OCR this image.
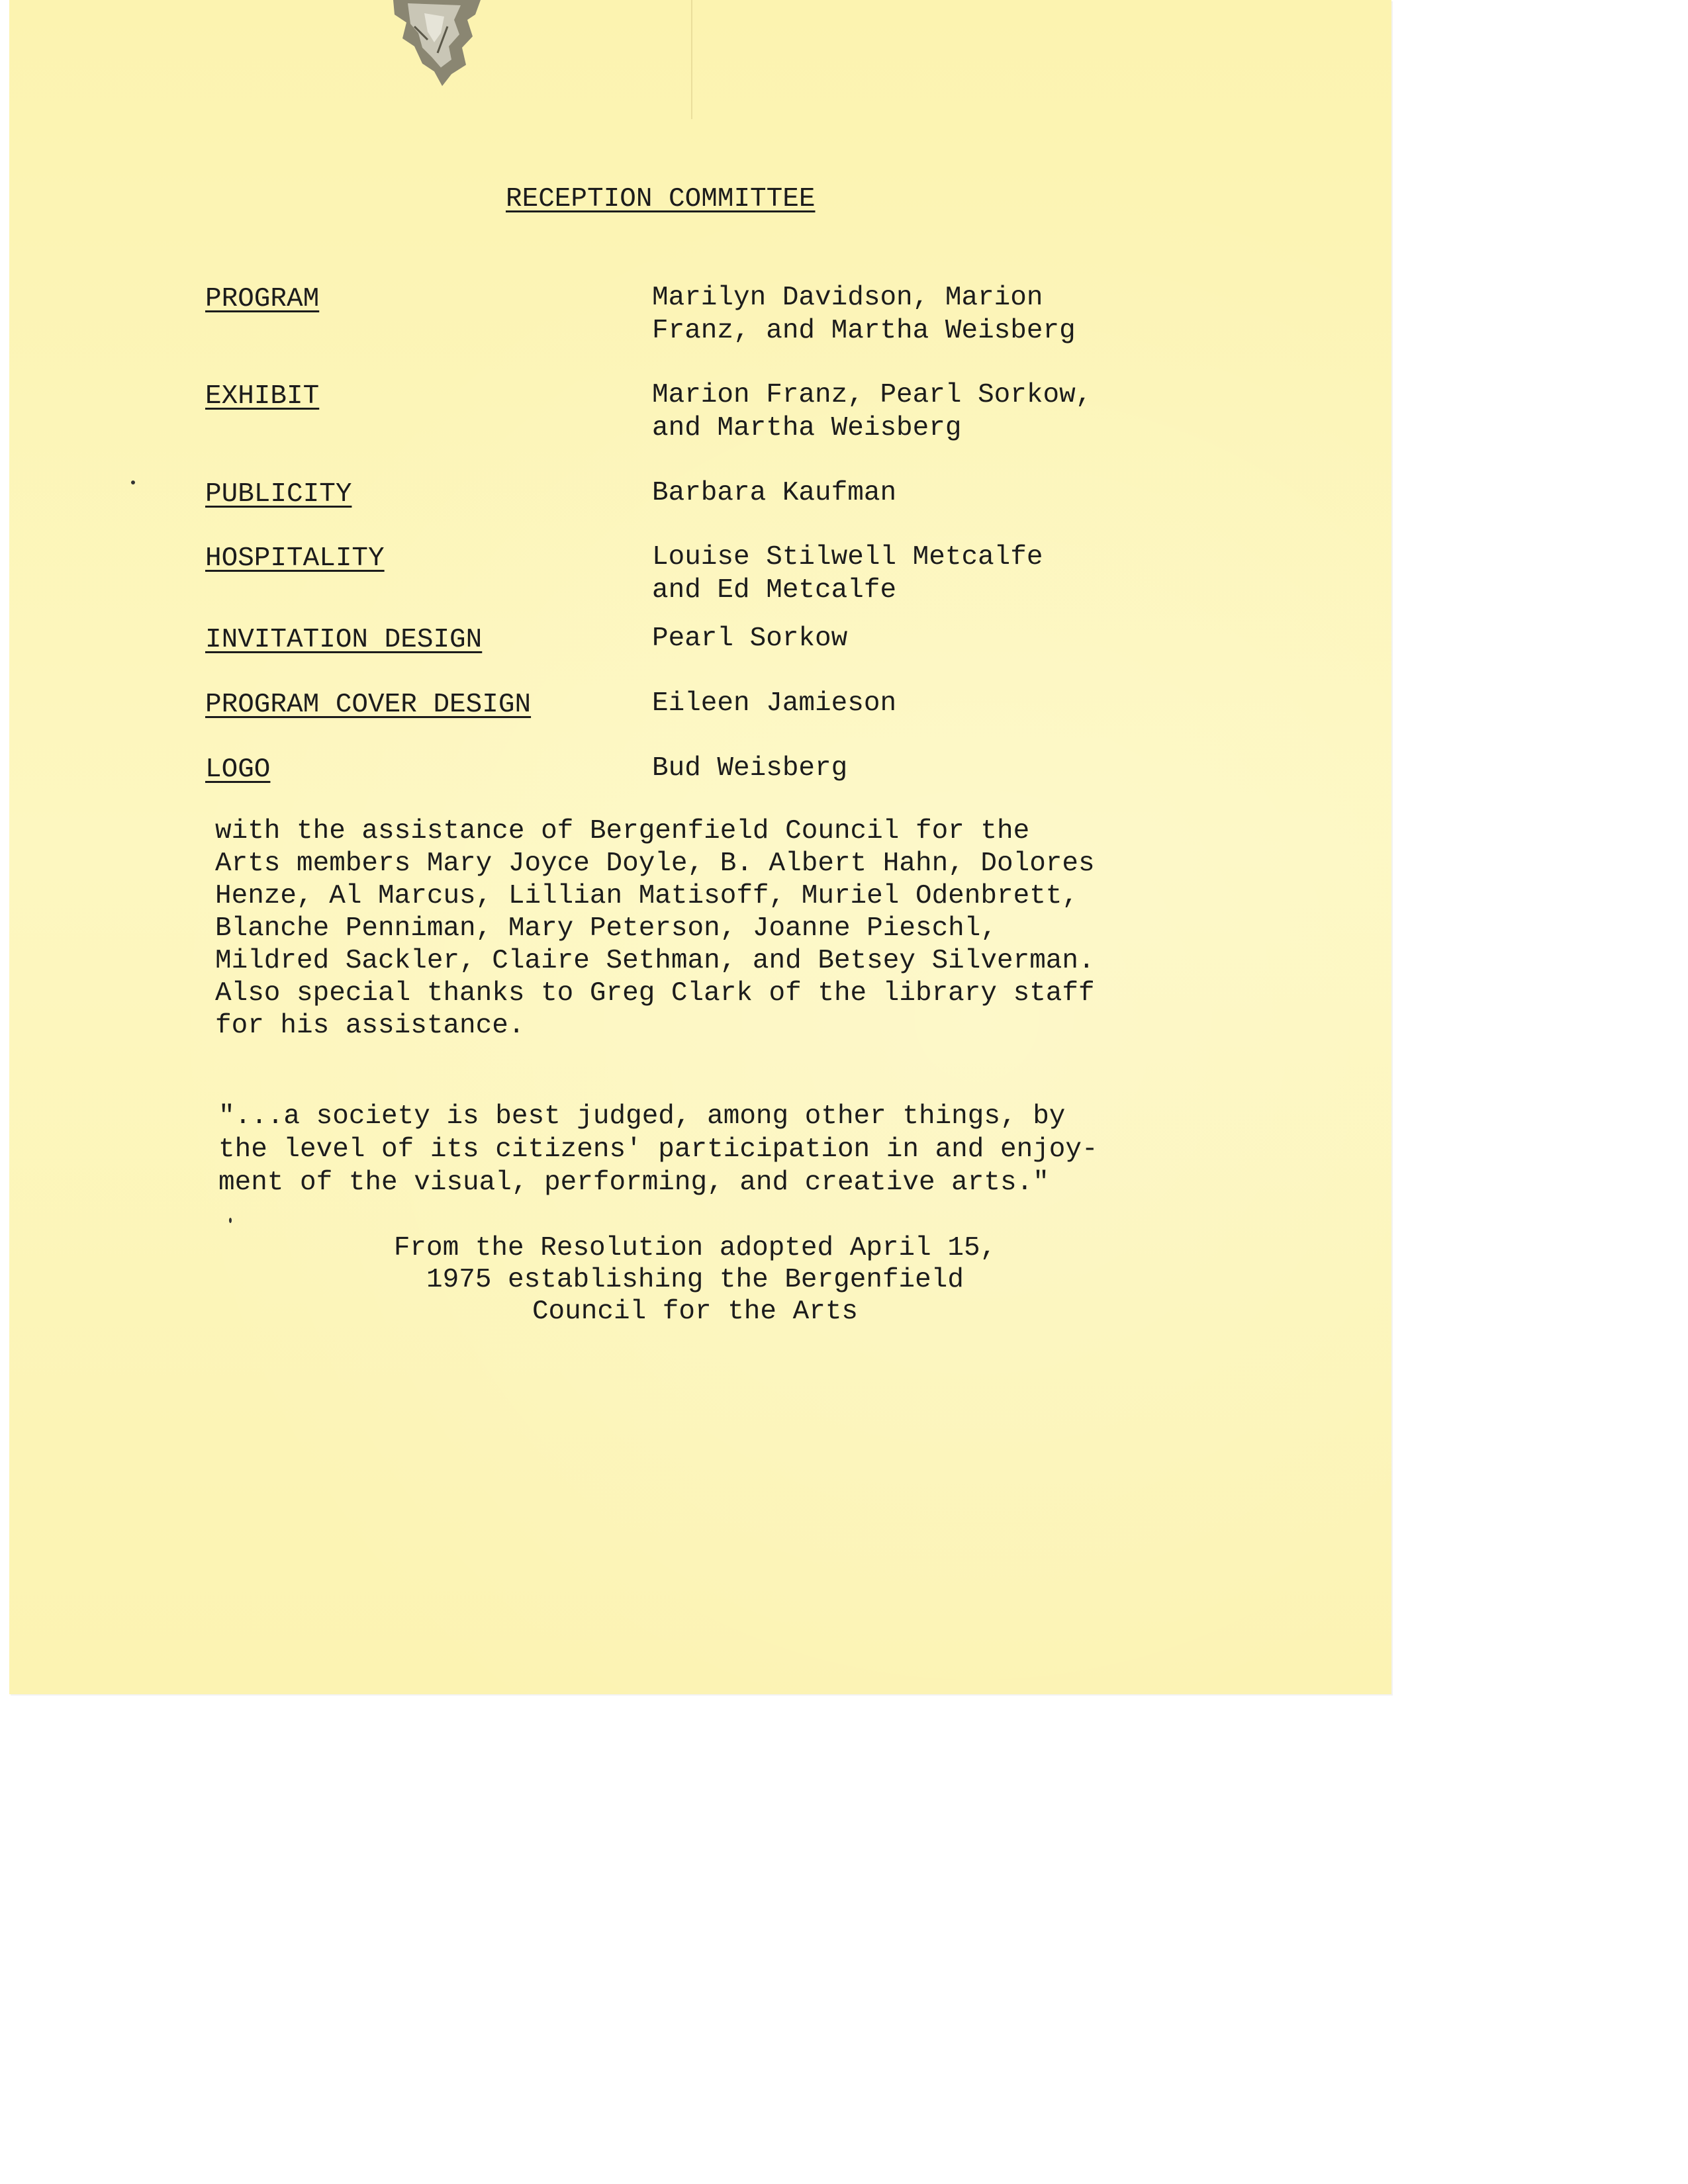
RECEPTION COMMITTEE
PROGRAM	Marilyn Davidson, Marion
Franz, and Martha Weisberg
EXHIBIT	Marion Franz, Pearl Sorkow,
and Martha Weisberg
PUBLICITY	Barbara Kaufman
HOSPITALITY	Louise Stilwell Metcalfe
and Ed Metcalfe
INVITATION DESIGN	Pearl Sorkow
PROGRAM COVER DESIGN	Eileen Jamieson
LOGO	Bud Weisberg
with the assistance of Bergenfield Council for the
Arts members Mary Joyce Doyle, B. Albert Hahn, Dolores
Henze, Al Marcus, Lillian Matisoff, Muriel Odenbrett,
Blanche Penniman, Mary Peterson, Joanne Pieschl,
Mildred Sackler, Claire Sethman, and Betsey Silverman.
Also special thanks to Greg Clark of the library staff
for his assistance.
"...a society is best judged, among other things, by
the level of its citizens' participation in and enjoy-
ment of the visual, performing, and creative arts."
From the Resolution adopted April 15,
1975 establishing the Bergenfield
Council for the Arts
